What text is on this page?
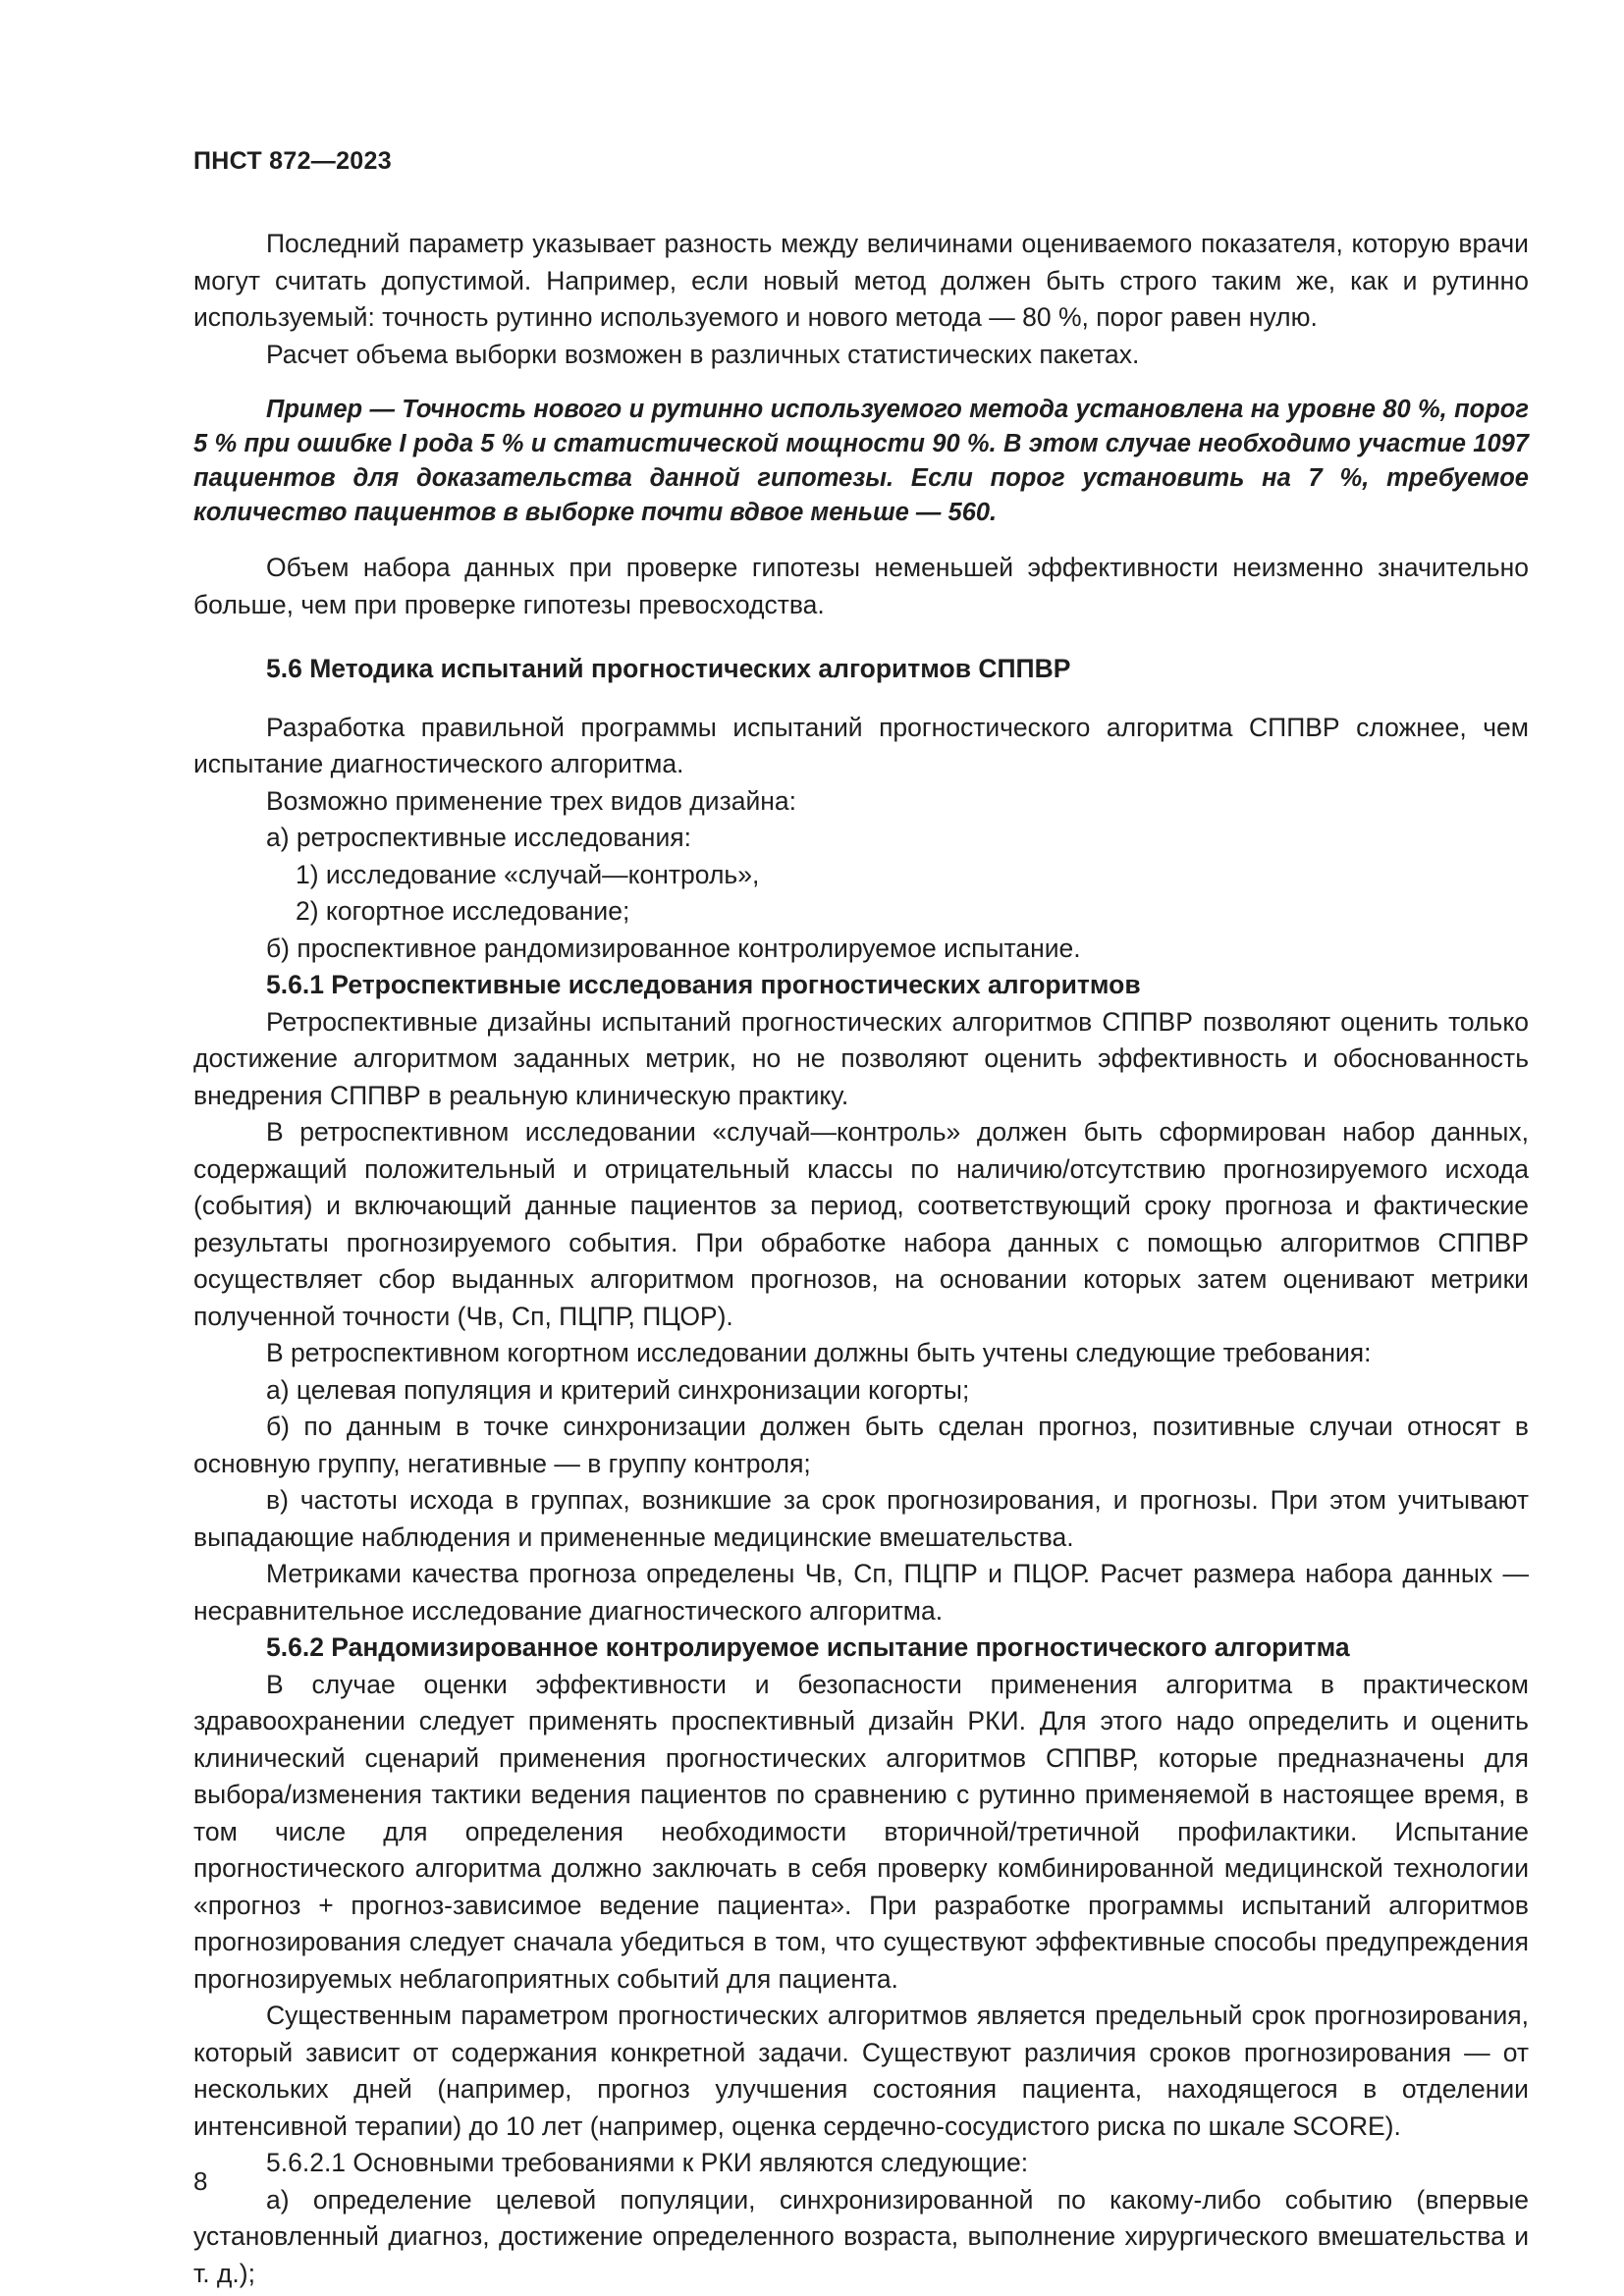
ПНСТ 872—2023

Последний параметр указывает разность между величинами оцениваемого показателя, которую врачи могут считать допустимой. Например, если новый метод должен быть строго таким же, как и рутинно используемый: точность рутинно используемого и нового метода — 80 %, порог равен нулю.

Расчет объема выборки возможен в различных статистических пакетах.

Пример — Точность нового и рутинно используемого метода установлена на уровне 80 %, порог 5 % при ошибке I рода 5 % и статистической мощности 90 %. В этом случае необходимо участие 1097 пациентов для доказательства данной гипотезы. Если порог установить на 7 %, требуемое количество пациентов в выборке почти вдвое меньше — 560.

Объем набора данных при проверке гипотезы неменьшей эффективности неизменно значительно больше, чем при проверке гипотезы превосходства.

5.6 Методика испытаний прогностических алгоритмов СППВР

Разработка правильной программы испытаний прогностического алгоритма СППВР сложнее, чем испытание диагностического алгоритма.

Возможно применение трех видов дизайна:

а) ретроспективные исследования:

1) исследование «случай—контроль»,

2) когортное исследование;

б) проспективное рандомизированное контролируемое испытание.

5.6.1 Ретроспективные исследования прогностических алгоритмов

Ретроспективные дизайны испытаний прогностических алгоритмов СППВР позволяют оценить только достижение алгоритмом заданных метрик, но не позволяют оценить эффективность и обоснованность внедрения СППВР в реальную клиническую практику.

В ретроспективном исследовании «случай—контроль» должен быть сформирован набор данных, содержащий положительный и отрицательный классы по наличию/отсутствию прогнозируемого исхода (события) и включающий данные пациентов за период, соответствующий сроку прогноза и фактические результаты прогнозируемого события. При обработке набора данных с помощью алгоритмов СППВР осуществляет сбор выданных алгоритмом прогнозов, на основании которых затем оценивают метрики полученной точности (Чв, Сп, ПЦПР, ПЦОР).

В ретроспективном когортном исследовании должны быть учтены следующие требования:

а) целевая популяция и критерий синхронизации когорты;

б) по данным в точке синхронизации должен быть сделан прогноз, позитивные случаи относят в основную группу, негативные — в группу контроля;

в) частоты исхода в группах, возникшие за срок прогнозирования, и прогнозы. При этом учитывают выпадающие наблюдения и примененные медицинские вмешательства.

Метриками качества прогноза определены Чв, Сп, ПЦПР и ПЦОР. Расчет размера набора данных — несравнительное исследование диагностического алгоритма.

5.6.2 Рандомизированное контролируемое испытание прогностического алгоритма

В случае оценки эффективности и безопасности применения алгоритма в практическом здравоохранении следует применять проспективный дизайн РКИ. Для этого надо определить и оценить клинический сценарий применения прогностических алгоритмов СППВР, которые предназначены для выбора/изменения тактики ведения пациентов по сравнению с рутинно применяемой в настоящее время, в том числе для определения необходимости вторичной/третичной профилактики. Испытание прогностического алгоритма должно заключать в себя проверку комбинированной медицинской технологии «прогноз + прогноз-зависимое ведение пациента». При разработке программы испытаний алгоритмов прогнозирования следует сначала убедиться в том, что существуют эффективные способы предупреждения прогнозируемых неблагоприятных событий для пациента.

Существенным параметром прогностических алгоритмов является предельный срок прогнозирования, который зависит от содержания конкретной задачи. Существуют различия сроков прогнозирования — от нескольких дней (например, прогноз улучшения состояния пациента, находящегося в отделении интенсивной терапии) до 10 лет (например, оценка сердечно-сосудистого риска по шкале SCORE).

5.6.2.1 Основными требованиями к РКИ являются следующие:

а) определение целевой популяции, синхронизированной по какому-либо событию (впервые установленный диагноз, достижение определенного возраста, выполнение хирургического вмешательства и т. д.);

8
